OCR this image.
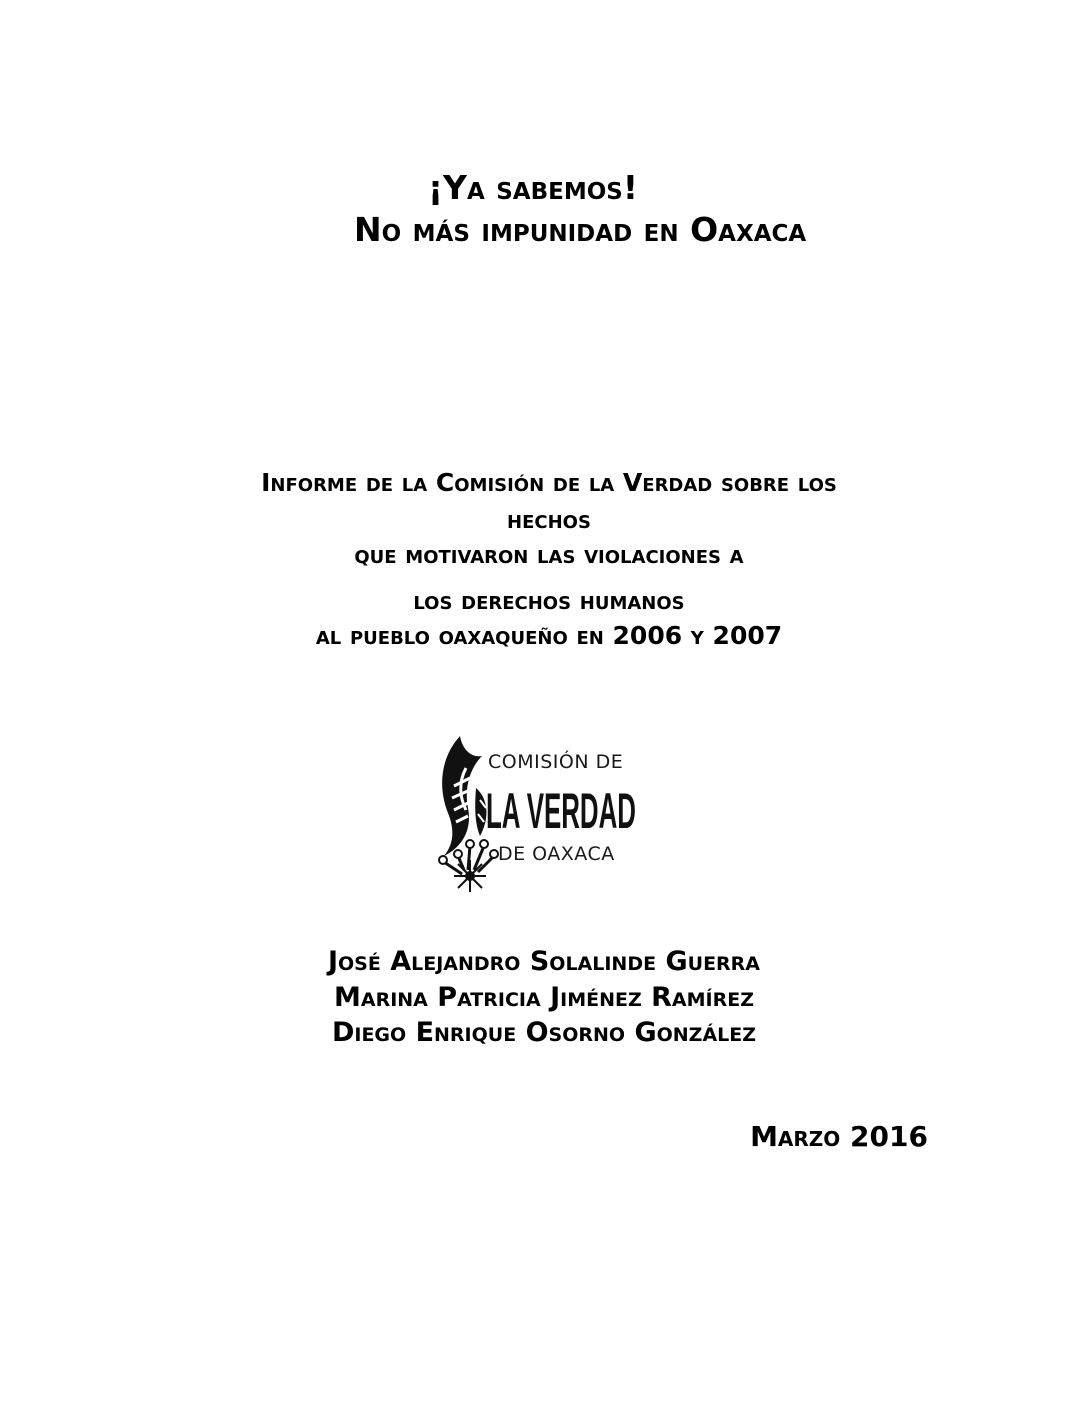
¡Ya sabemos!
No más impunidad en Oaxaca
Informe de la Comisión de la Verdad sobre los
hechos
que motivaron las violaciones a
los derechos humanos
al pueblo oaxaqueño en 2006 y 2007
COMISIÓN DE
LA VERDAD
DE OAXACA
José Alejandro Solalinde Guerra
Marina Patricia Jiménez Ramírez
Diego Enrique Osorno González
Marzo 2016
